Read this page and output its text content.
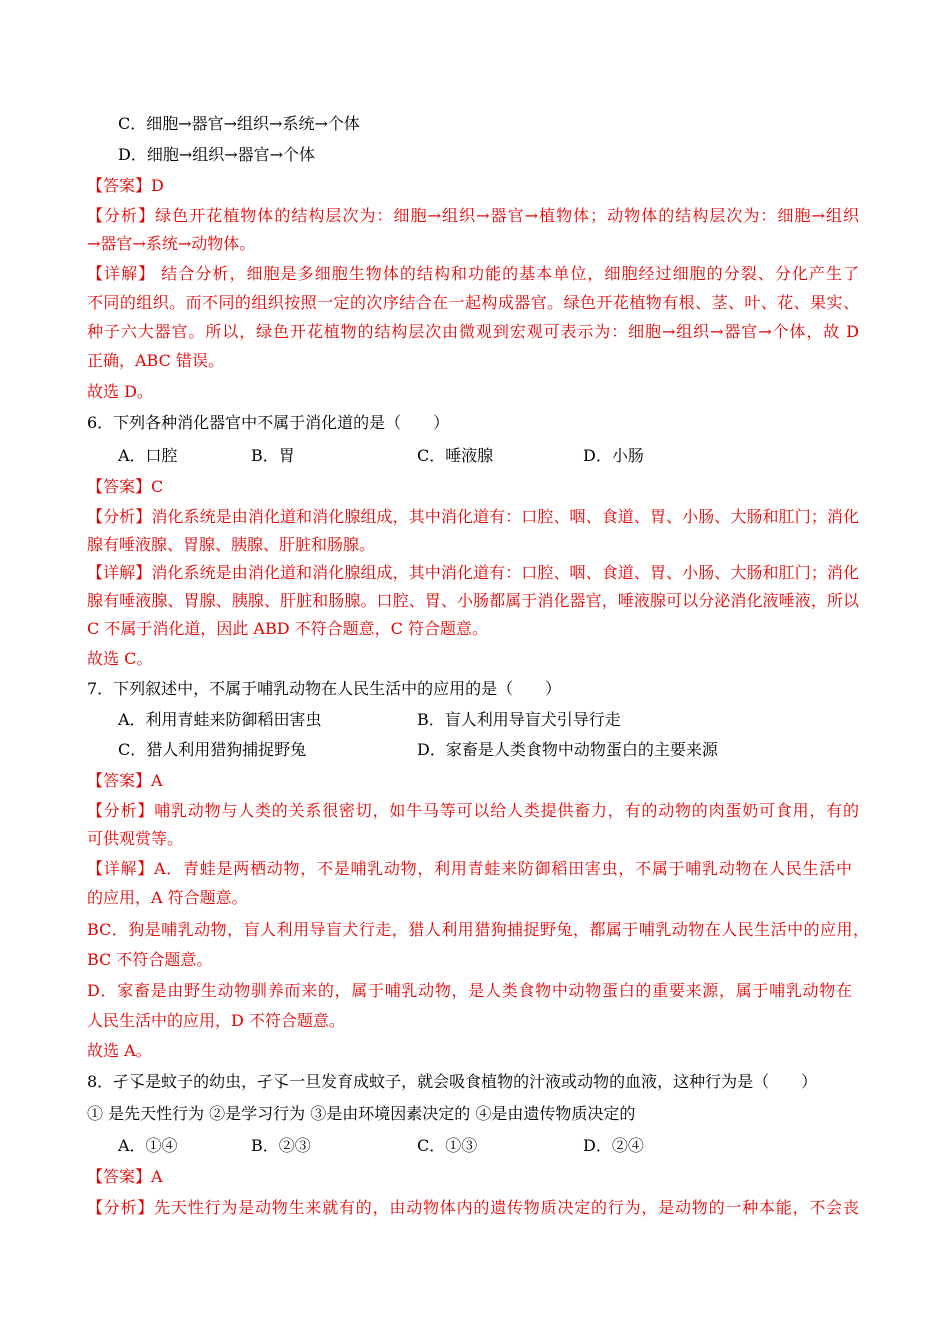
C．细胞→器官→组织→系统→个体
D．细胞→组织→器官→个体
【答案】D
【分析】绿色开花植物体的结构层次为：细胞→组织→器官→植物体；动物体的结构层次为：细胞→组织
→器官→系统→动物体。
【详解】 结合分析，细胞是多细胞生物体的结构和功能的基本单位，细胞经过细胞的分裂、分化产生了
不同的组织。而不同的组织按照一定的次序结合在一起构成器官。绿色开花植物有根、茎、叶、花、果实、
种子六大器官。所以，绿色开花植物的结构层次由微观到宏观可表示为：细胞→组织→器官→个体，故 D
正确，ABC 错误。
故选 D。
6．下列各种消化器官中不属于消化道的是（　　）
A．口腔	B．胃	C．唾液腺	D．小肠
【答案】C
【分析】消化系统是由消化道和消化腺组成，其中消化道有：口腔、咽、食道、胃、小肠、大肠和肛门；消化
腺有唾液腺、胃腺、胰腺、肝脏和肠腺。
【详解】消化系统是由消化道和消化腺组成，其中消化道有：口腔、咽、食道、胃、小肠、大肠和肛门；消化
腺有唾液腺、胃腺、胰腺、肝脏和肠腺。口腔、胃、小肠都属于消化器官，唾液腺可以分泌消化液唾液，所以
C 不属于消化道，因此 ABD 不符合题意，C 符合题意。
故选 C。
7．下列叙述中，不属于哺乳动物在人民生活中的应用的是（　　）
A．利用青蛙来防御稻田害虫	B．盲人利用导盲犬引导行走
C．猎人利用猎狗捕捉野兔	D．家畜是人类食物中动物蛋白的主要来源
【答案】A
【分析】哺乳动物与人类的关系很密切，如牛马等可以给人类提供畜力，有的动物的肉蛋奶可食用，有的
可供观赏等。
【详解】A．青蛙是两栖动物，不是哺乳动物，利用青蛙来防御稻田害虫，不属于哺乳动物在人民生活中
的应用，A 符合题意。
BC．狗是哺乳动物，盲人利用导盲犬行走，猎人利用猎狗捕捉野兔，都属于哺乳动物在人民生活中的应用，
BC 不符合题意。
D．家畜是由野生动物驯养而来的，属于哺乳动物，是人类食物中动物蛋白的重要来源，属于哺乳动物在
人民生活中的应用，D 不符合题意。
故选 A。
8．孑孓是蚊子的幼虫，孑孓一旦发育成蚊子，就会吸食植物的汁液或动物的血液，这种行为是（　　）
① 是先天性行为 ②是学习行为 ③是由环境因素决定的 ④是由遗传物质决定的
A．①④	B．②③	C．①③	D．②④
【答案】A
【分析】先天性行为是动物生来就有的，由动物体内的遗传物质决定的行为，是动物的一种本能，不会丧
